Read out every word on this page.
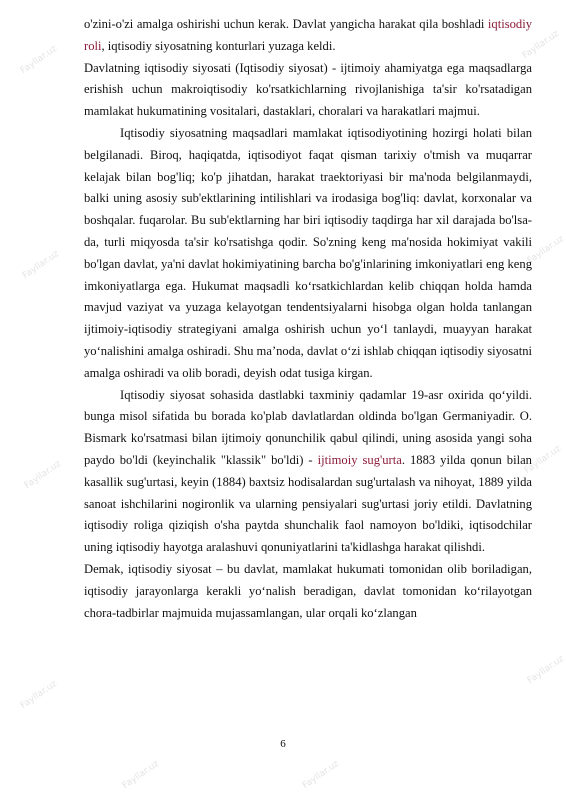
Fayllar.uz
Fayllar.uz
Fayllar.uz
Fayllar.uz
Fayllar.uz
Fayllar.uz
Fayllar.uz
Fayllar.uz
Fayllar.uz
Fayllar.uz

o'zini-o'zi amalga oshirishi uchun kerak. Davlat yangicha harakat qila boshladi iqtisodiy roli, iqtisodiy siyosatning konturlari yuzaga keldi.

Davlatning iqtisodiy siyosati (Iqtisodiy siyosat) - ijtimoiy ahamiyatga ega maqsadlarga erishish uchun makroiqtisodiy ko'rsatkichlarning rivojlanishiga ta'sir ko'rsatadigan mamlakat hukumatining vositalari, dastaklari, choralari va harakatlari majmui.

Iqtisodiy siyosatning maqsadlari mamlakat iqtisodiyotining hozirgi holati bilan belgilanadi. Biroq, haqiqatda, iqtisodiyot faqat qisman tarixiy o'tmish va muqarrar kelajak bilan bog'liq; ko'p jihatdan, harakat traektoriyasi bir ma'noda belgilanmaydi, balki uning asosiy sub'ektlarining intilishlari va irodasiga bog'liq: davlat, korxonalar va boshqalar. fuqarolar. Bu sub'ektlarning har biri iqtisodiy taqdirga har xil darajada bo'lsa-da, turli miqyosda ta'sir ko'rsatishga qodir. So'zning keng ma'nosida hokimiyat vakili bo'lgan davlat, ya'ni davlat hokimiyatining barcha bo'g'inlarining imkoniyatlari eng keng imkoniyatlarga ega. Hukumat maqsadli ko‘rsatkichlardan kelib chiqqan holda hamda mavjud vaziyat va yuzaga kelayotgan tendentsiyalarni hisobga olgan holda tanlangan ijtimoiy-iqtisodiy strategiyani amalga oshirish uchun yo‘l tanlaydi, muayyan harakat yo‘nalishini amalga oshiradi. Shu ma’noda, davlat o‘zi ishlab chiqqan iqtisodiy siyosatni amalga oshiradi va olib boradi, deyish odat tusiga kirgan.

Iqtisodiy siyosat sohasida dastlabki taxminiy qadamlar 19-asr oxirida qo‘yildi. bunga misol sifatida bu borada ko'plab davlatlardan oldinda bo'lgan Germaniyadir. O. Bismark ko'rsatmasi bilan ijtimoiy qonunchilik qabul qilindi, uning asosida yangi soha paydo bo'ldi (keyinchalik "klassik" bo'ldi) - ijtimoiy sug'urta. 1883 yilda qonun bilan kasallik sug'urtasi, keyin (1884) baxtsiz hodisalardan sug'urtalash va nihoyat, 1889 yilda sanoat ishchilarini nogironlik va ularning pensiyalari sug'urtasi joriy etildi. Davlatning iqtisodiy roliga qiziqish o'sha paytda shunchalik faol namoyon bo'ldiki, iqtisodchilar uning iqtisodiy hayotga aralashuvi qonuniyatlarini ta'kidlashga harakat qilishdi.

Demak, iqtisodiy siyosat – bu davlat, mamlakat hukumati tomonidan olib boriladigan, iqtisodiy jarayonlarga kerakli yo‘nalish beradigan, davlat tomonidan ko‘rilayotgan chora-tadbirlar majmuida mujassamlangan, ular orqali ko‘zlangan

6
